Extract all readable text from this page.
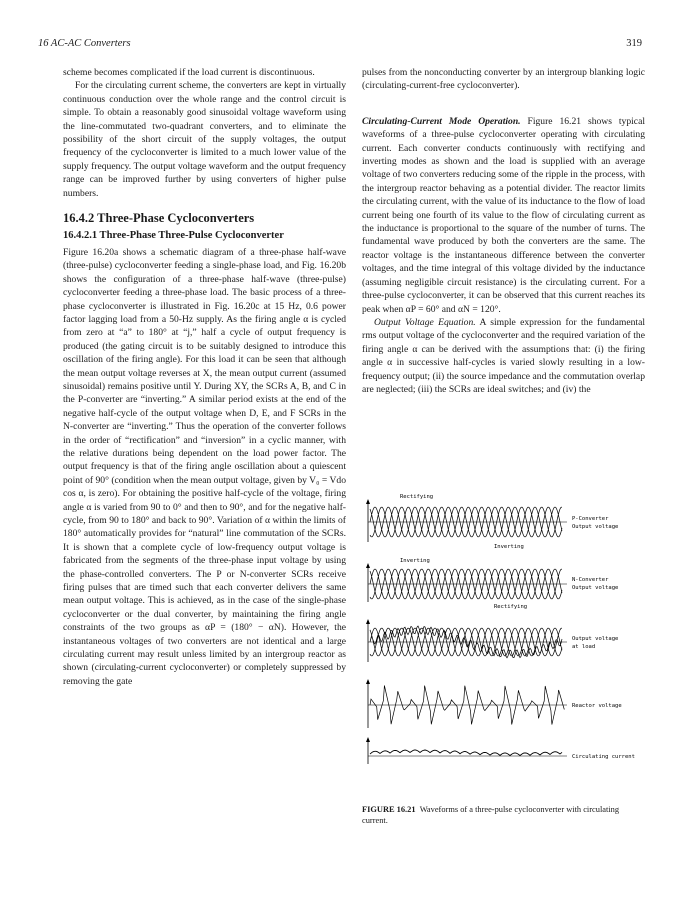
16 AC-AC Converters	319

scheme becomes complicated if the load current is discontinuous.

For the circulating current scheme, the converters are kept in virtually continuous conduction over the whole range and the control circuit is simple. To obtain a reasonably good sinusoidal voltage waveform using the line-commutated two-quadrant converters, and to eliminate the possibility of the short circuit of the supply voltages, the output frequency of the cycloconverter is limited to a much lower value of the supply frequency. The output voltage waveform and the output frequency range can be improved further by using converters of higher pulse numbers.

16.4.2 Three-Phase Cycloconverters

16.4.2.1 Three-Phase Three-Pulse Cycloconverter

Figure 16.20a shows a schematic diagram of a three-phase half-wave (three-pulse) cycloconverter feeding a single-phase load, and Fig. 16.20b shows the configuration of a three-phase half-wave (three-pulse) cycloconverter feeding a three-phase load. The basic process of a three-phase cycloconverter is illustrated in Fig. 16.20c at 15 Hz, 0.6 power factor lagging load from a 50-Hz supply. As the firing angle α is cycled from zero at “a” to 180° at “j,” half a cycle of output frequency is produced (the gating circuit is to be suitably designed to introduce this oscillation of the firing angle). For this load it can be seen that although the mean output voltage reverses at X, the mean output current (assumed sinusoidal) remains positive until Y. During XY, the SCRs A, B, and C in the P-converter are “inverting.” A similar period exists at the end of the negative half-cycle of the output voltage when D, E, and F SCRs in the N-converter are “inverting.” Thus the operation of the converter follows in the order of “rectification” and “inversion” in a cyclic manner, with the relative durations being dependent on the load power factor. The output frequency is that of the firing angle oscillation about a quiescent point of 90° (condition when the mean output voltage, given by V₀ = Vdo cos α, is zero). For obtaining the positive half-cycle of the voltage, firing angle α is varied from 90 to 0° and then to 90°, and for the negative half-cycle, from 90 to 180° and back to 90°. Variation of α within the limits of 180° automatically provides for “natural” line commutation of the SCRs. It is shown that a complete cycle of low-frequency output voltage is fabricated from the segments of the three-phase input voltage by using the phase-controlled converters. The P or N-converter SCRs receive firing pulses that are timed such that each converter delivers the same mean output voltage. This is achieved, as in the case of the single-phase cycloconverter or the dual converter, by maintaining the firing angle constraints of the two groups as αP = (180° − αN). However, the instantaneous voltages of two converters are not identical and a large circulating current may result unless limited by an intergroup reactor as shown (circulating-current cycloconverter) or completely suppressed by removing the gate

pulses from the nonconducting converter by an intergroup blanking logic (circulating-current-free cycloconverter).

Circulating-Current Mode Operation. Figure 16.21 shows typical waveforms of a three-pulse cycloconverter operating with circulating current. Each converter conducts continuously with rectifying and inverting modes as shown and the load is supplied with an average voltage of two converters reducing some of the ripple in the process, with the intergroup reactor behaving as a potential divider. The reactor limits the circulating current, with the value of its inductance to the flow of load current being one fourth of its value to the flow of circulating current as the inductance is proportional to the square of the number of turns. The fundamental wave produced by both the converters are the same. The reactor voltage is the instantaneous difference between the converter voltages, and the time integral of this voltage divided by the inductance (assuming negligible circuit resistance) is the circulating current. For a three-pulse cycloconverter, it can be observed that this current reaches its peak when αP = 60° and αN = 120°.

Output Voltage Equation. A simple expression for the fundamental rms output voltage of the cycloconverter and the required variation of the firing angle α can be derived with the assumptions that: (i) the firing angle α in successive half-cycles is varied slowly resulting in a low-frequency output; (ii) the source impedance and the commutation overlap are neglected; (iii) the SCRs are ideal switches; and (iv) the

Rectifying
P-Converter
Output voltage
Inverting
Inverting
N-Converter
Output voltage
Rectifying
Output voltage
at load
Reactor voltage
Circulating current
FIGURE 16.21 Waveforms of a three-pulse cycloconverter with circulating current.
